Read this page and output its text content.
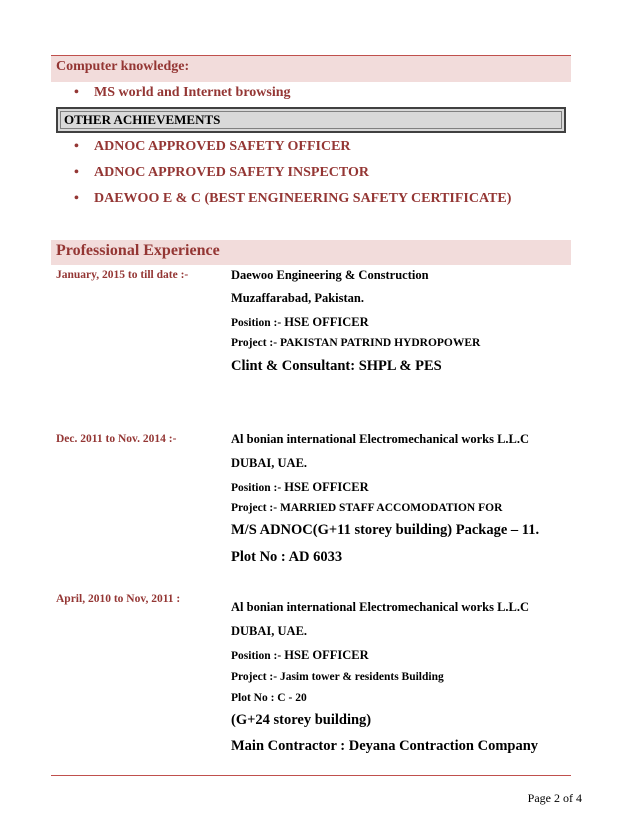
Computer knowledge:
• MS world and Internet browsing
OTHER ACHIEVEMENTS
• ADNOC APPROVED SAFETY OFFICER
• ADNOC APPROVED SAFETY INSPECTOR
• DAEWOO E & C (BEST ENGINEERING SAFETY CERTIFICATE)
Professional Experience
January, 2015 to till date :-	Daewoo Engineering & Construction
Muzaffarabad, Pakistan.
Position :- HSE OFFICER
Project :- PAKISTAN PATRIND HYDROPOWER
Clint & Consultant: SHPL & PES
Dec. 2011 to Nov. 2014 :-	Al bonian international Electromechanical works L.L.C
DUBAI, UAE.
Position :- HSE OFFICER
Project :- MARRIED STAFF ACCOMODATION FOR
M/S ADNOC(G+11 storey building) Package – 11.
Plot No : AD 6033
April, 2010 to Nov, 2011 :
Al bonian international Electromechanical works L.L.C
DUBAI, UAE.
Position :- HSE OFFICER
Project :- Jasim tower & residents Building
Plot No : C - 20
(G+24 storey building)
Main Contractor : Deyana Contraction Company
Page 2 of 4
